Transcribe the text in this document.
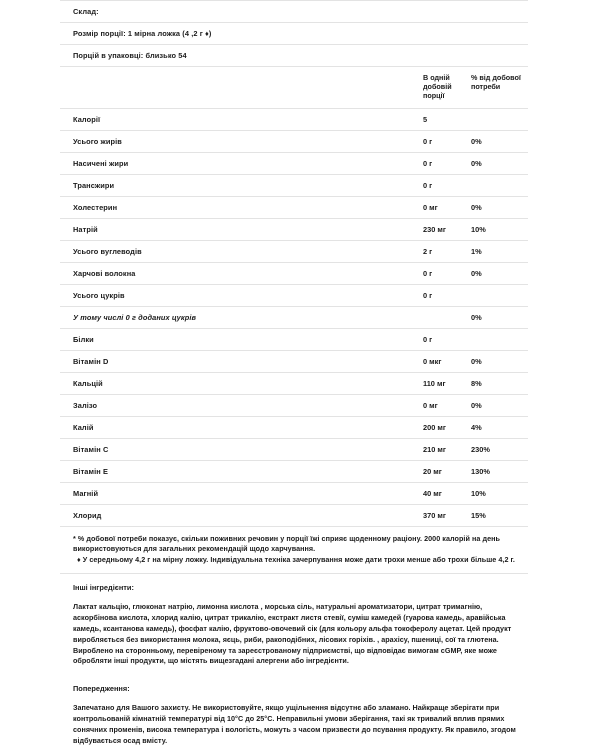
Склад:
Розмір порції: 1 мірна ложка (4 ,2 г ♦)
Порцій в упаковці: близько 54
	В одній добовій порції	% від добової потреби
Калорії	5	
Усього жирів	0 г	0%
Насичені жири	0 г	0%
Трансжири	0 г	
Холестерин	0 мг	0%
Натрій	230 мг	10%
Усього вуглеводів	2 г	1%
Харчові волокна	0 г	0%
Усього цукрів	0 г	
У тому числі 0 г доданих цукрів		0%
Білки	0 г	
Вітамін D	0 мкг	0%
Кальцій	110 мг	8%
Залізо	0 мг	0%
Калій	200 мг	4%
Вітамін С	210 мг	230%
Вітамін Е	20 мг	130%
Магній	40 мг	10%
Хлорид	370 мг	15%

* % добової потреби показує, скільки поживних речовин у порції їжі сприяє щоденному раціону. 2000 калорій на день використовуються для загальних рекомендацій щодо харчування.

♦ У середньому 4,2 г на мірну ложку. Індивідуальна техніка зачерпування може дати трохи менше або трохи більше 4,2 г.

Інші інгредієнти:

Лактат кальцію, глюконат натрію, лимонна кислота , морська сіль, натуральні ароматизатори, цитрат тримагнію, аскорбінова кислота, хлорид калію, цитрат трикалію, екстракт листя стевії, суміш камедей (гуарова камедь, аравійська камедь, ксантанова камедь), фосфат калію, фруктово-овочевий сік (для кольору альфа токоферолу ацетат. Цей продукт виробляється без використання молока, яєць, риби, ракоподібних, лісових горіхів. , арахісу, пшениці, сої та глютена. Вироблено на сторонньому, перевіреному та зареєстрованому підприємстві, що відповідає вимогам cGMP, яке може обробляти інші продукти, що містять вищезгадані алергени або інгредієнти.

Попередження:

Запечатано для Вашого захисту. Не використовуйте, якщо ущільнення відсутнє або зламано. Найкраще зберігати при контрольованій кімнатній температурі від 10°C до 25°C. Неправильні умови зберігання, такі як тривалий вплив прямих сонячних променів, висока температура і вологість, можуть з часом призвести до псування продукту. Як правило, згодом відбувається осад вмісту.
